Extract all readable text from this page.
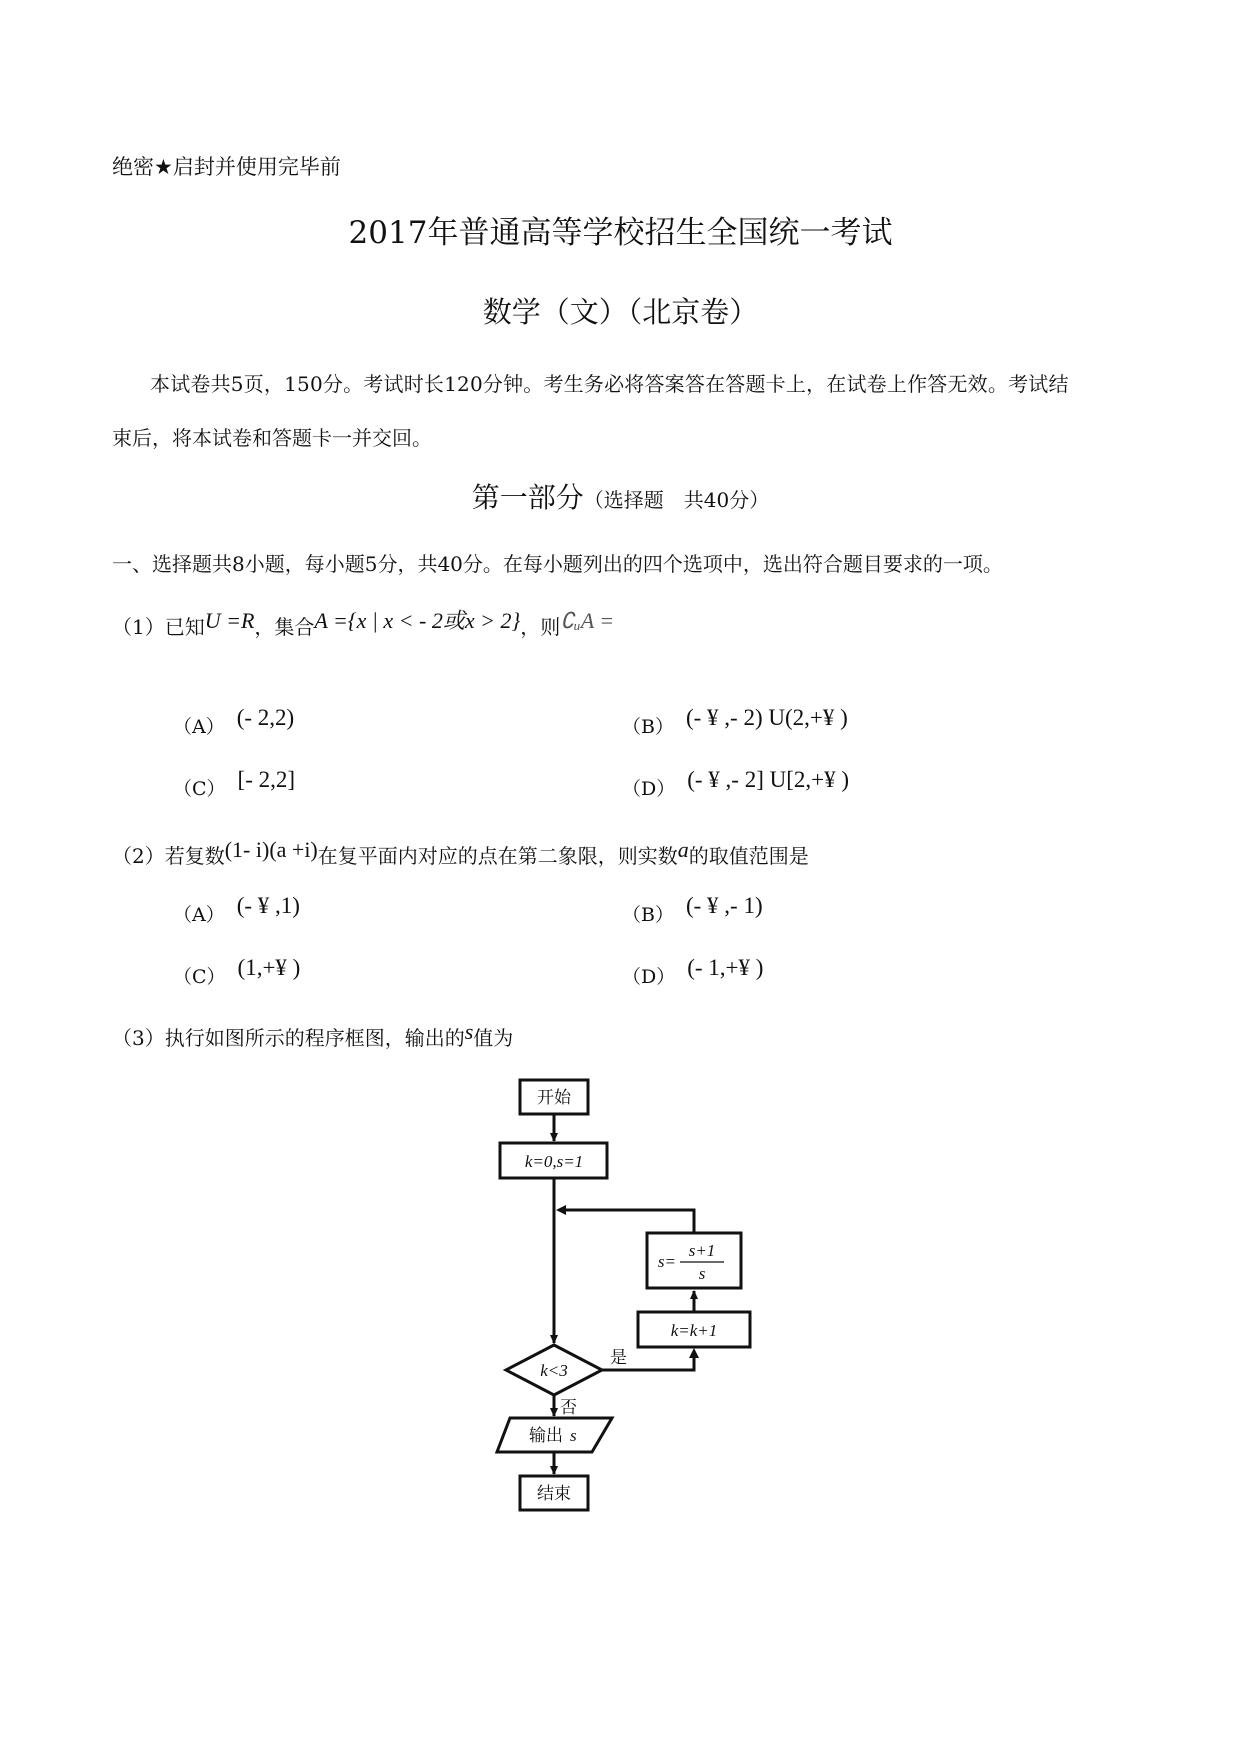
绝密★启封并使用完毕前
2017年普通高等学校招生全国统一考试
数学（文）（北京卷）
本试卷共5页，150分。考试时长120分钟。考生务必将答案答在答题卡上，在试卷上作答无效。考试结
束后，将本试卷和答题卡一并交回。
第一部分（选择题　共40分）
一、选择题共8小题，每小题5分，共40分。在每小题列出的四个选项中，选出符合题目要求的一项。
（1）已知U =R，集合A ={x | x < - 2或x > 2}，则∁ᵤA =
（A） (- 2,2)	（B） (- ¥ ,- 2) U(2,+¥ )
（C） [- 2,2]	（D） (- ¥ ,- 2] U[2,+¥ )
（2）若复数(1- i)(a +i)在复平面内对应的点在第二象限，则实数a的取值范围是
（A） (- ¥ ,1)	（B） (- ¥ ,- 1)
（C） (1,+¥ )	（D） (- 1,+¥ )
（3）执行如图所示的程序框图，输出的s值为
开始
k=0,s=1
s=
s+1
s
k=k+1
k<3
是
否
输出 s
结束
